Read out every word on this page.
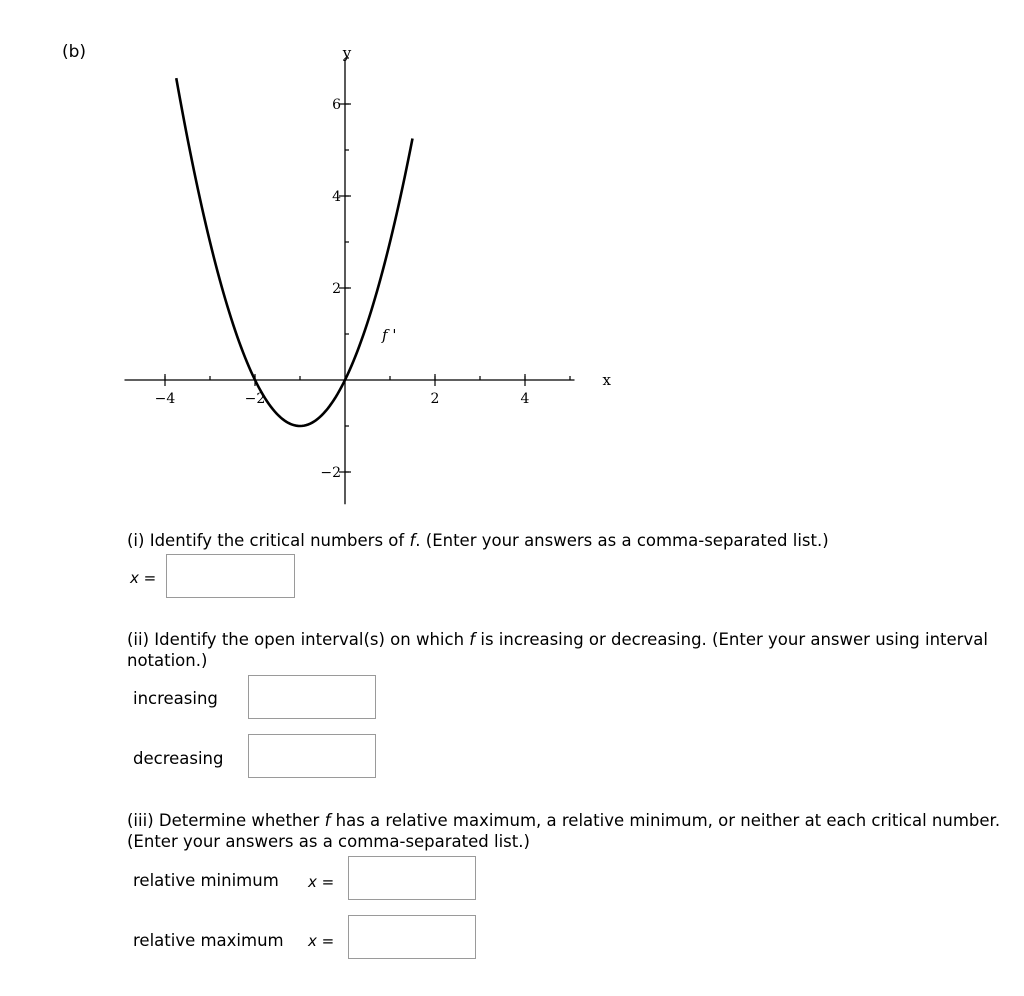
(b)
−4	−2	2	4
−2
2
4
6
x
y
f '
(i) Identify the critical numbers of f. (Enter your answers as a comma-separated list.)
x =
(ii) Identify the open interval(s) on which f is increasing or decreasing. (Enter your answer using interval notation.)
increasing
decreasing
(iii) Determine whether f has a relative maximum, a relative minimum, or neither at each critical number. (Enter your answers as a comma-separated list.)
relative minimum x =
relative maximum x =
